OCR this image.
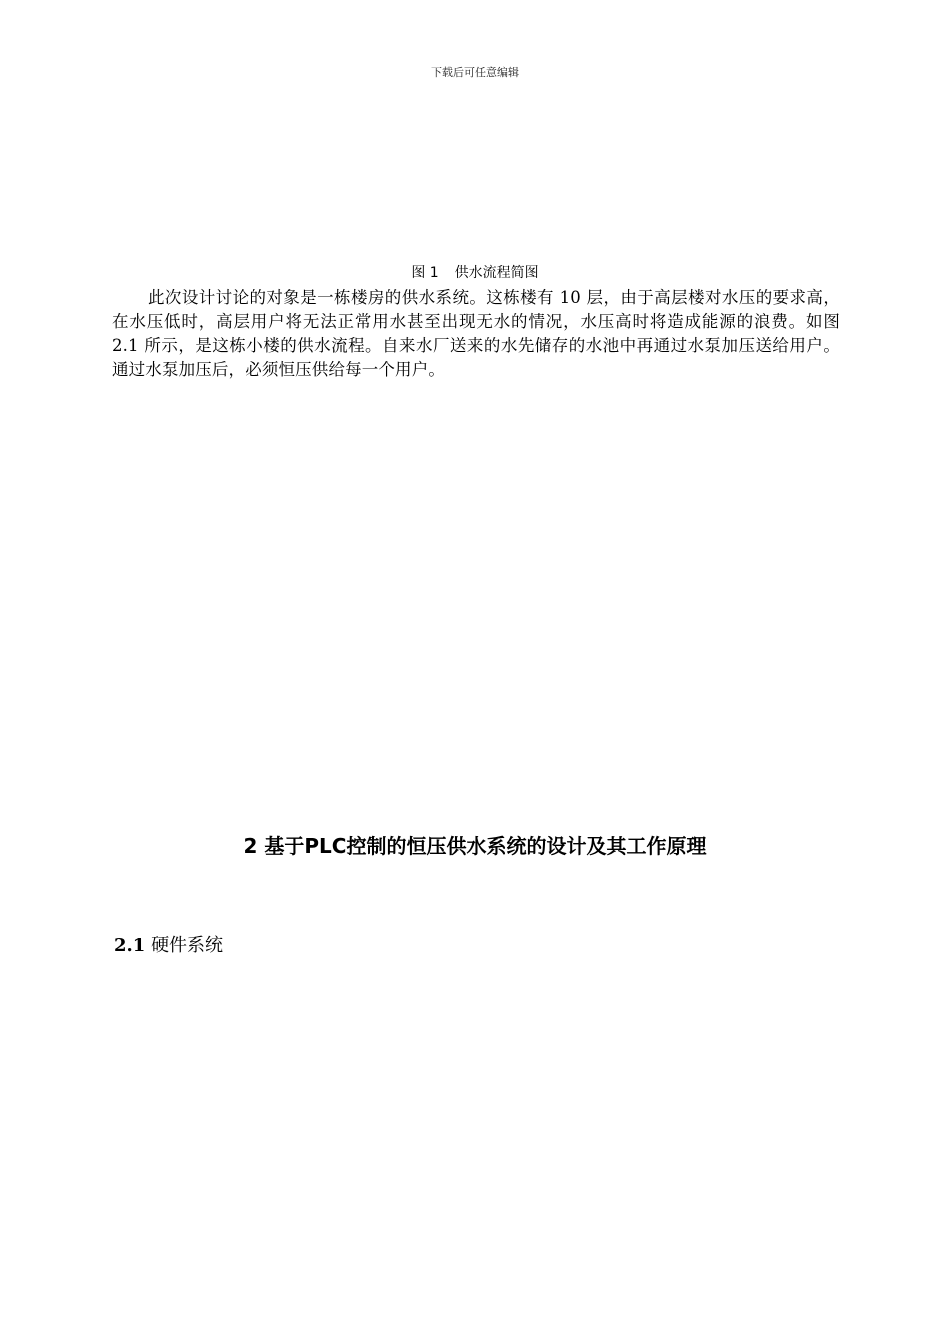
下载后可任意编辑
图 1 供水流程简图

此次设计讨论的对象是一栋楼房的供水系统。这栋楼有 10 层，由于高层楼对水压的要求高，在水压低时，高层用户将无法正常用水甚至出现无水的情况，水压高时将造成能源的浪费。如图 2.1 所示，是这栋小楼的供水流程。自来水厂送来的水先储存的水池中再通过水泵加压送给用户。通过水泵加压后，必须恒压供给每一个用户。

2 基于PLC控制的恒压供水系统的设计及其工作原理
2.1 硬件系统
